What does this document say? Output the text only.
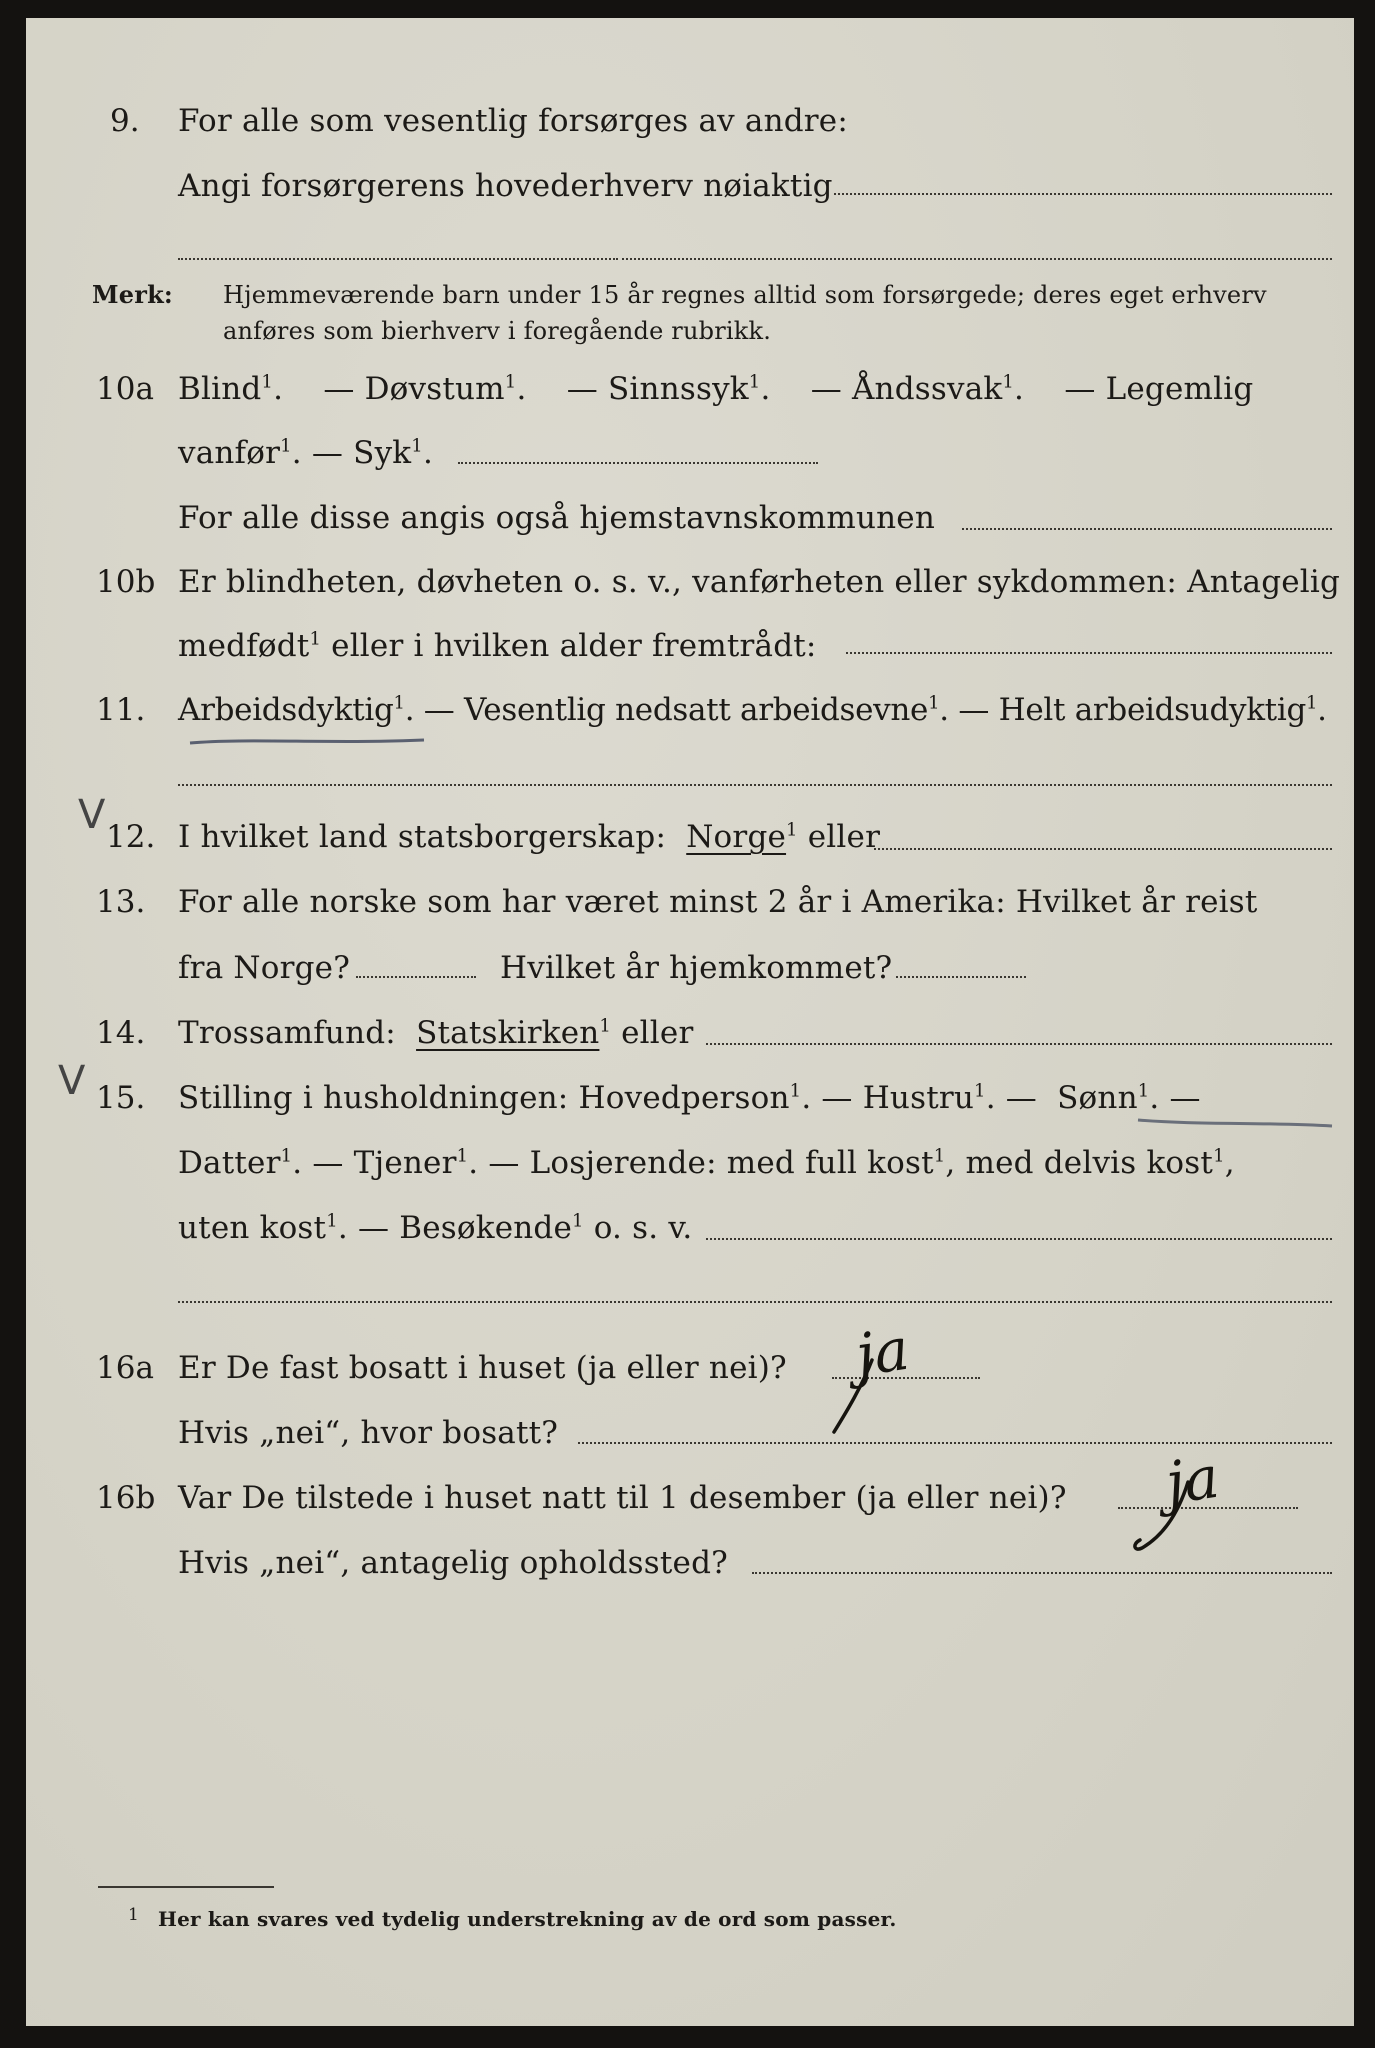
9. For alle som vesentlig forsørges av andre:
Angi forsørgerens hovederhverv nøiaktig
Merk: Hjemmeværende barn under 15 år regnes alltid som forsørgede; deres eget erhverv
anføres som bierhverv i foregående rubrikk.
10a Blind$^1$.    — Døvstum$^1$.    — Sinnssyk$^1$.    — Åndssvak$^1$.    — Legemlig
vanfør$^1$. — Syk$^1$.
For alle disse angis også hjemstavnskommunen
10b Er blindheten, døvheten o. s. v., vanførheten eller sykdommen: Antagelig
medfødt$^1$ eller i hvilken alder fremtrådt:
11. Arbeidsdyktig$^1$. — Vesentlig nedsatt arbeidsevne$^1$. — Helt arbeidsudyktig$^1$.
V 12. I hvilket land statsborgerskap: Norge$^1$ eller
13. For alle norske som har været minst 2 år i Amerika: Hvilket år reist
fra Norge?	Hvilket år hjemkommet?
14. Trossamfund: Statskirken$^1$ eller
V 15. Stilling i husholdningen: Hovedperson$^1$. — Hustru$^1$. — Sønn$^1$. —
Datter$^1$. — Tjener$^1$. — Losjerende: med full kost$^1$, med delvis kost$^1$,
uten kost$^1$. — Besøkende$^1$ o. s. v.
16a Er De fast bosatt i huset (ja eller nei)? ja
Hvis „nei“, hvor bosatt?
16b Var De tilstede i huset natt til 1 desember (ja eller nei)? ja
Hvis „nei“, antagelig opholdssted?
1 Her kan svares ved tydelig understrekning av de ord som passer.
